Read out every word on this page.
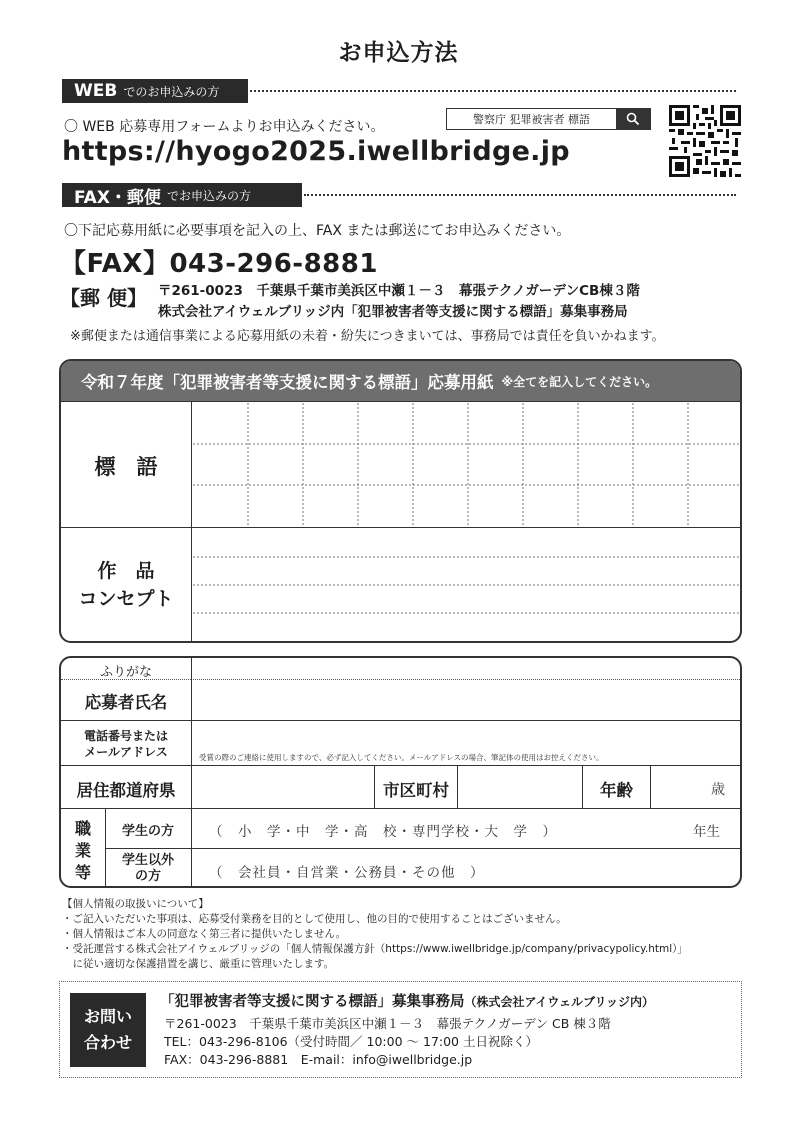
お申込方法
WEB でのお申込みの方
〇 WEB 応募専用フォームよりお申込みください。	警察庁 犯罪被害者 標語
https://hyogo2025.iwellbridge.jp
FAX・郵便 でお申込みの方
〇下記応募用紙に必要事項を記入の上、FAX または郵送にてお申込みください。
【FAX】043-296-8881
【郵 便】 〒261-0023　千葉県千葉市美浜区中瀬１－３　幕張テクノガーデンCB棟３階
株式会社アイウェルブリッジ内「犯罪被害者等支援に関する標語」募集事務局
※郵便または通信事業による応募用紙の未着・紛失につきまいては、事務局では責任を負いかねます。
令和７年度「犯罪被害者等支援に関する標語」応募用紙 ※全てを記入してください。
標　語
作　品
コンセプト
ふりがな
応募者氏名
電話番号または
メールアドレス	受賞の際のご連絡に使用しますので、必ず記入してください。メールアドレスの場合、筆記体の使用はお控えください。
居住都道府県	市区町村	年齢	歳
職
業
等
学生の方	（　小　学・中　学・高　校・専門学校・大　学　）	年生
学生以外
の方	（　会社員・自営業・公務員・その他　）
【個人情報の取扱いについて】
・ご記入いただいた事項は、応募受付業務を目的として使用し、他の目的で使用することはございません。
・個人情報はご本人の同意なく第三者に提供いたしません。
・受託運営する株式会社アイウェルブリッジの「個人情報保護方針（https://www.iwellbridge.jp/company/privacypolicy.html）」
　に従い適切な保護措置を講じ、厳重に管理いたします。
お問い
合わせ
「犯罪被害者等支援に関する標語」募集事務局（株式会社アイウェルブリッジ内）
〒261-0023　千葉県千葉市美浜区中瀬１－３　幕張テクノガーデン CB 棟３階
TEL：043-296-8106（受付時間／ 10:00 ～ 17:00 土日祝除く）
FAX：043-296-8881　E-mail：info@iwellbridge.jp
